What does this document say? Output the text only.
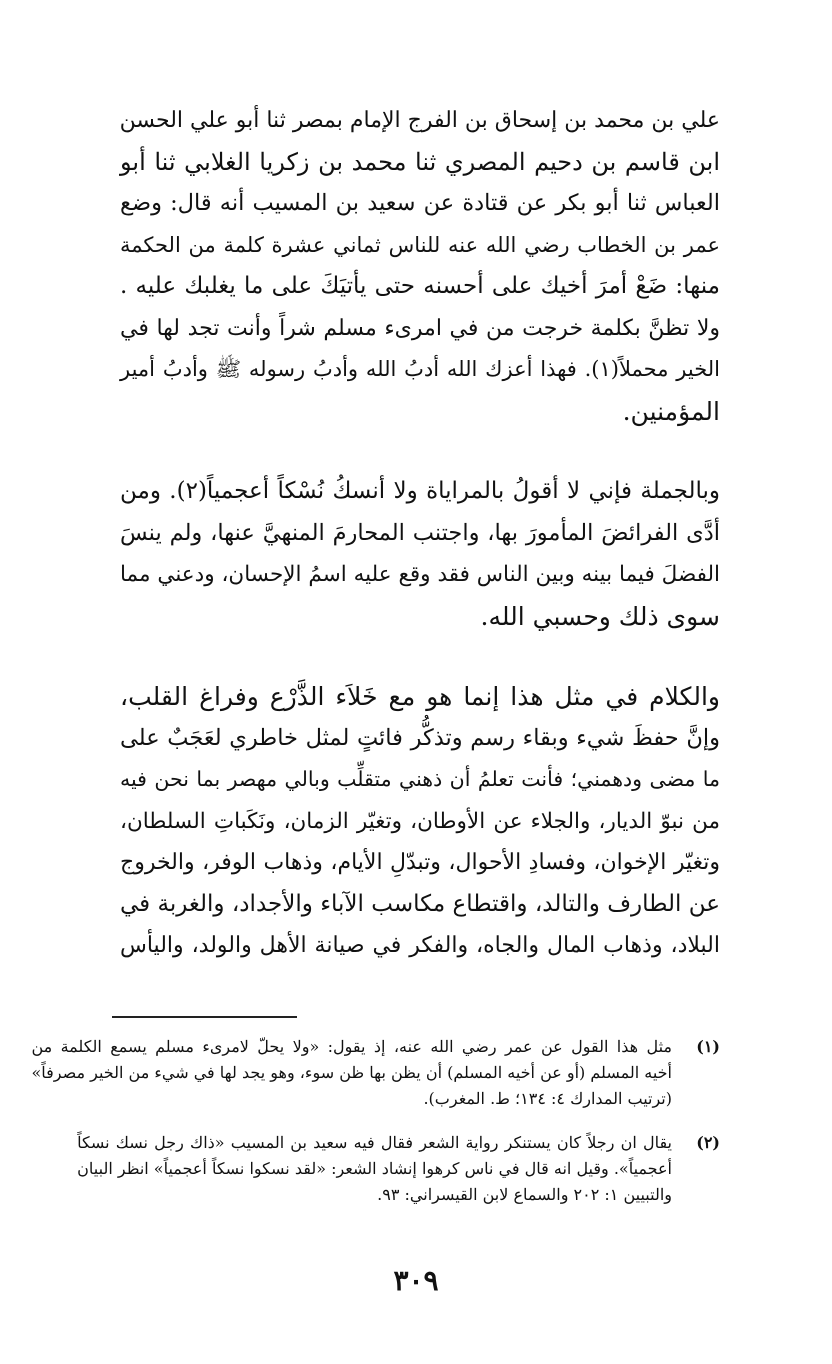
علي بن محمد بن إسحاق بن الفرج الإمام بمصر ثنا أبو علي الحسن
ابن قاسم بن دحيم المصري ثنا محمد بن زكريا الغلابي ثنا أبو
العباس ثنا أبو بكر عن قتادة عن سعيد بن المسيب أنه قال: وضع
عمر بن الخطاب رضي الله عنه للناس ثماني عشرة كلمة من الحكمة
منها: ضَعْ أمرَ أخيك على أحسنه حتى يأتيَكَ على ما يغلبك عليه .
ولا تظنَّ بكلمة خرجت من في امرىء مسلم شراً وأنت تجد لها في
الخير محملاً(١). فهذا أعزك الله أدبُ الله وأدبُ رسوله ﷺ وأدبُ أمير
المؤمنين.

وبالجملة فإني لا أقولُ بالمراياة ولا أنسكُ نُسْكاً أعجمياً(٢). ومن
أدَّى الفرائضَ المأمورَ بها، واجتنب المحارمَ المنهيَّ عنها، ولم ينسَ
الفضلَ فيما بينه وبين الناس فقد وقع عليه اسمُ الإحسان، ودعني مما
سوى ذلك وحسبي الله.

والكلام في مثل هذا إنما هو مع خَلاَء الذَّرْع وفراغ القلب،
وإنَّ حفظَ شيء وبقاء رسم وتذكُّر فائتٍ لمثل خاطري لعَجَبٌ على
ما مضى ودهمني؛ فأنت تعلمُ أن ذهني متقلِّب وبالي مهصر بما نحن فيه
من نبوّ الديار، والجلاء عن الأوطان، وتغيّر الزمان، ونَكَباتِ السلطان،
وتغيّر الإخوان، وفسادِ الأحوال، وتبدّلِ الأيام، وذهاب الوفر، والخروج
عن الطارف والتالد، واقتطاع مكاسب الآباء والأجداد، والغربة في
البلاد، وذهاب المال والجاه، والفكر في صيانة الأهل والولد، واليأس

(١)
مثل هذا القول عن عمر رضي الله عنه، إذ يقول: «ولا يحلّ لامرىء مسلم يسمع الكلمة من
أخيه المسلم (أو عن أخيه المسلم) أن يظن بها ظن سوء، وهو يجد لها في شيء من الخير مصرفاً»
(ترتيب المدارك ٤: ١٣٤؛ ط. المغرب).
(٢)
يقال ان رجلاً كان يستنكر رواية الشعر فقال فيه سعيد بن المسيب «ذاك رجل نسك نسكاً
أعجمياً». وقيل انه قال في ناس كرهوا إنشاد الشعر: «لقد نسكوا نسكاً أعجمياً» انظر البيان
والتبيين ١: ٢٠٢ والسماع لابن القيسراني: ٩٣.
٣٠٩
